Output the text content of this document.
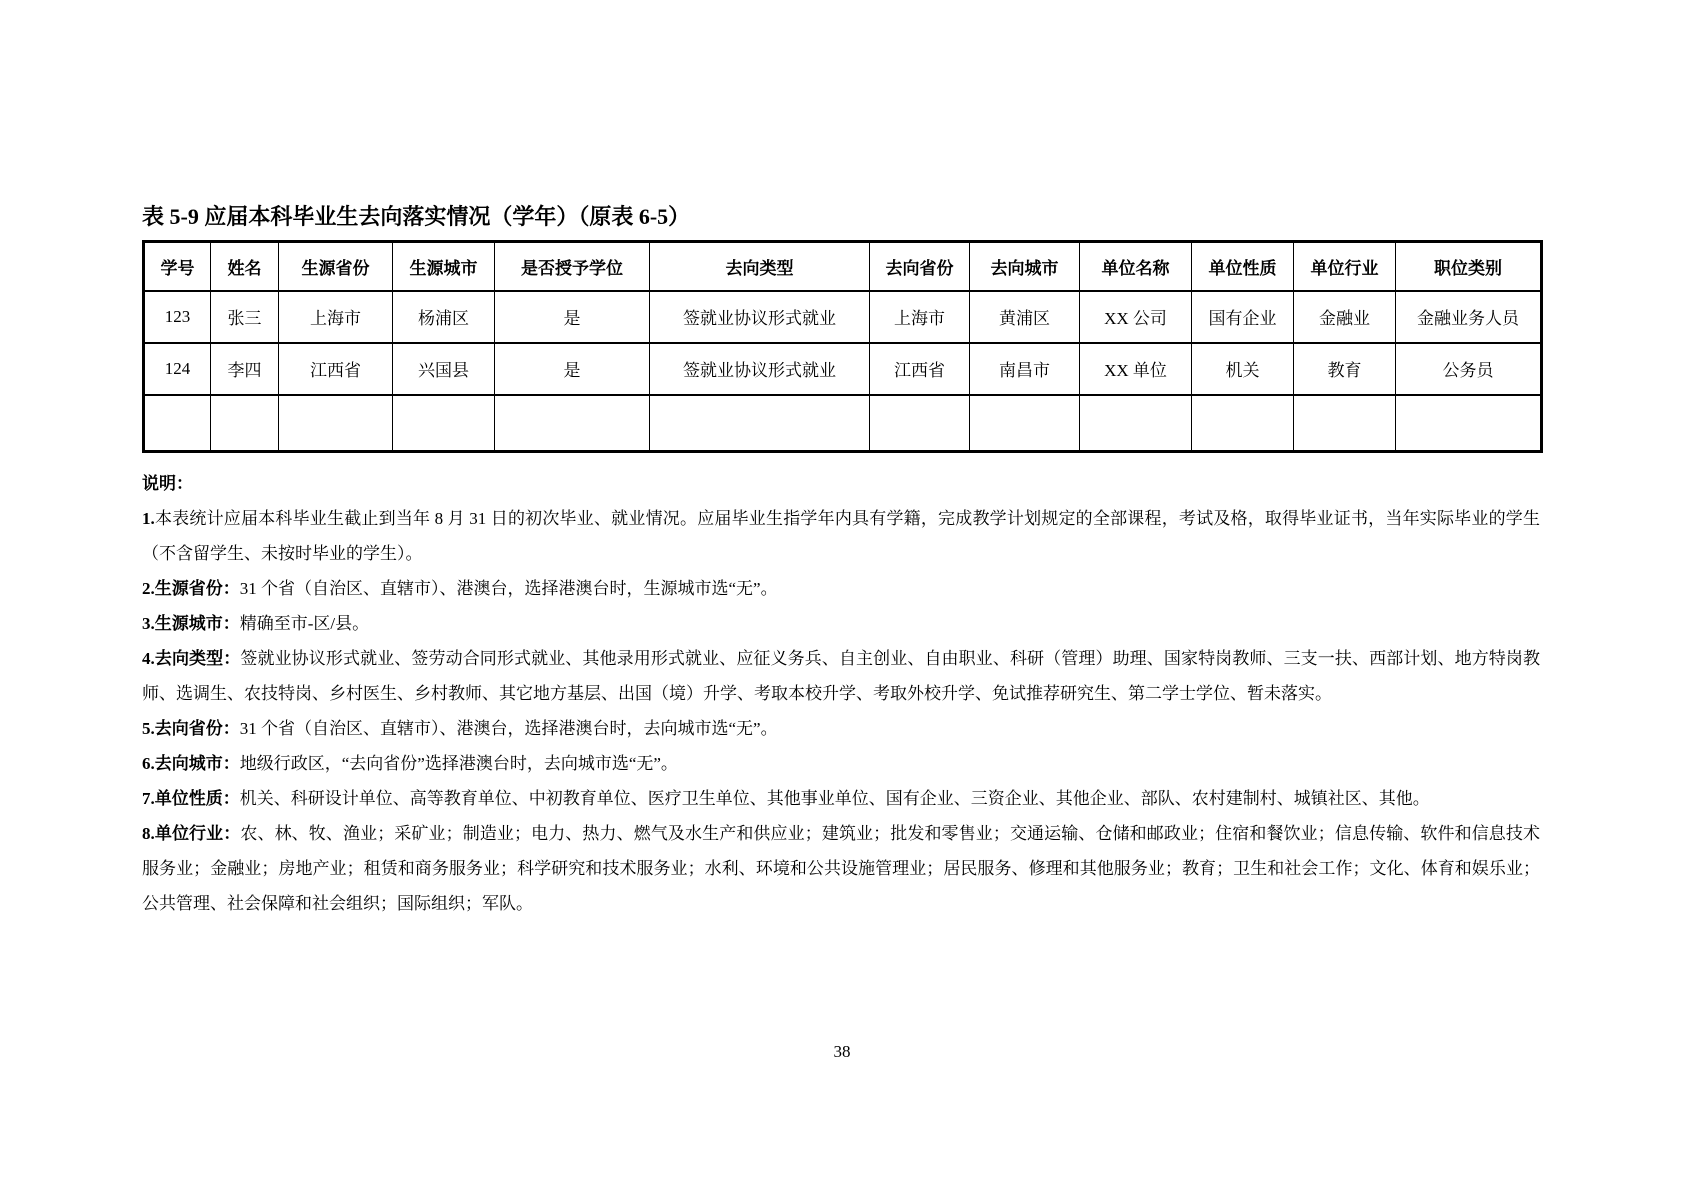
表 5-9 应届本科毕业生去向落实情况（学年）（原表 6-5）
学号	姓名	生源省份	生源城市	是否授予学位	去向类型	去向省份	去向城市	单位名称	单位性质	单位行业	职位类别
123	张三	上海市	杨浦区	是	签就业协议形式就业	上海市	黄浦区	XX 公司	国有企业	金融业	金融业务人员
124	李四	江西省	兴国县	是	签就业协议形式就业	江西省	南昌市	XX 单位	机关	教育	公务员

说明：

1.本表统计应届本科毕业生截止到当年 8 月 31 日的初次毕业、就业情况。应届毕业生指学年内具有学籍，完成教学计划规定的全部课程，考试及格，取得毕业证书，当年实际毕业的学生（不含留学生、未按时毕业的学生）。

2.生源省份：31 个省（自治区、直辖市）、港澳台，选择港澳台时，生源城市选“无”。

3.生源城市：精确至市-区/县。

4.去向类型：签就业协议形式就业、签劳动合同形式就业、其他录用形式就业、应征义务兵、自主创业、自由职业、科研（管理）助理、国家特岗教师、三支一扶、西部计划、地方特岗教师、选调生、农技特岗、乡村医生、乡村教师、其它地方基层、出国（境）升学、考取本校升学、考取外校升学、免试推荐研究生、第二学士学位、暂未落实。

5.去向省份：31 个省（自治区、直辖市）、港澳台，选择港澳台时，去向城市选“无”。

6.去向城市：地级行政区，“去向省份”选择港澳台时，去向城市选“无”。

7.单位性质：机关、科研设计单位、高等教育单位、中初教育单位、医疗卫生单位、其他事业单位、国有企业、三资企业、其他企业、部队、农村建制村、城镇社区、其他。

8.单位行业：农、林、牧、渔业；采矿业；制造业；电力、热力、燃气及水生产和供应业；建筑业；批发和零售业；交通运输、仓储和邮政业；住宿和餐饮业；信息传输、软件和信息技术服务业；金融业；房地产业；租赁和商务服务业；科学研究和技术服务业；水利、环境和公共设施管理业；居民服务、修理和其他服务业；教育；卫生和社会工作；文化、体育和娱乐业；公共管理、社会保障和社会组织；国际组织；军队。

38
